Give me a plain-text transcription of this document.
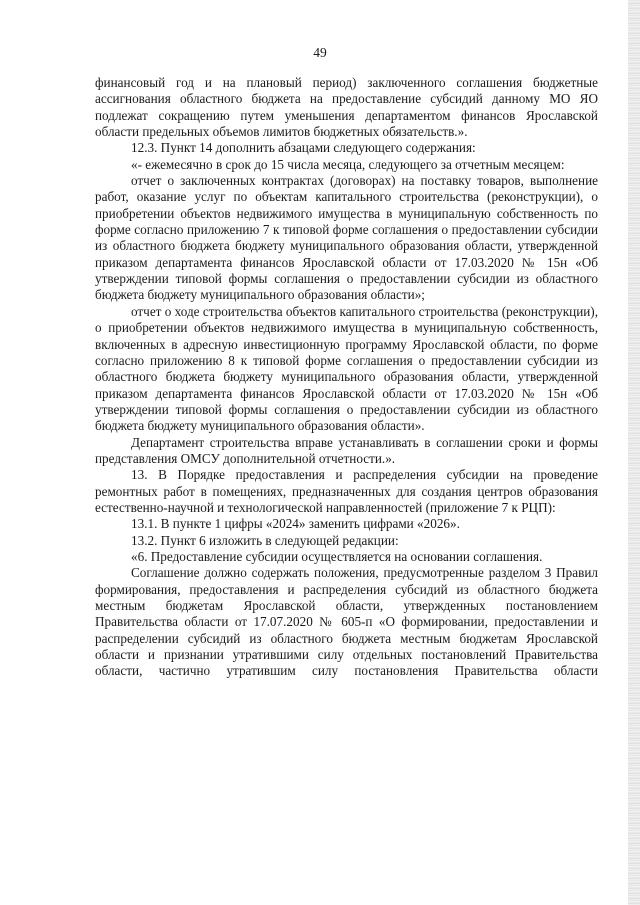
49

финансовый год и на плановый период) заключенного соглашения бюджетные ассигнования областного бюджета на предоставление субсидий данному МО ЯО подлежат сокращению путем уменьшения департаментом финансов Ярославской области предельных объемов лимитов бюджетных обязательств.».

12.3. Пункт 14 дополнить абзацами следующего содержания:

«- ежемесячно в срок до 15 числа месяца, следующего за отчетным месяцем:

отчет о заключенных контрактах (договорах) на поставку товаров, выполнение работ, оказание услуг по объектам капитального строительства (реконструкции), о приобретении объектов недвижимого имущества в муниципальную собственность по форме согласно приложению 7 к типовой форме соглашения о предоставлении субсидии из областного бюджета бюджету муниципального образования области, утвержденной приказом департамента финансов Ярославской области от 17.03.2020 № 15н «Об утверждении типовой формы соглашения о предоставлении субсидии из областного бюджета бюджету муниципального образования области»;

отчет о ходе строительства объектов капитального строительства (реконструкции), о приобретении объектов недвижимого имущества в муниципальную собственность, включенных в адресную инвестиционную программу Ярославской области, по форме согласно приложению 8 к типовой форме соглашения о предоставлении субсидии из областного бюджета бюджету муниципального образования области, утвержденной приказом департамента финансов Ярославской области от 17.03.2020 № 15н «Об утверждении типовой формы соглашения о предоставлении субсидии из областного бюджета бюджету муниципального образования области».

Департамент строительства вправе устанавливать в соглашении сроки и формы представления ОМСУ дополнительной отчетности.».

13. В Порядке предоставления и распределения субсидии на проведение ремонтных работ в помещениях, предназначенных для создания центров образования естественно-научной и технологической направленностей (приложение 7 к РЦП):

13.1. В пункте 1 цифры «2024» заменить цифрами «2026».

13.2. Пункт 6 изложить в следующей редакции:

«6. Предоставление субсидии осуществляется на основании соглашения.

Соглашение должно содержать положения, предусмотренные разделом 3 Правил формирования, предоставления и распределения субсидий из областного бюджета местным бюджетам Ярославской области, утвержденных постановлением Правительства области от 17.07.2020 № 605-п «О формировании, предоставлении и распределении субсидий из областного бюджета местным бюджетам Ярославской области и признании утратившими силу отдельных постановлений Правительства области, частично утратившим силу постановления Правительства области
